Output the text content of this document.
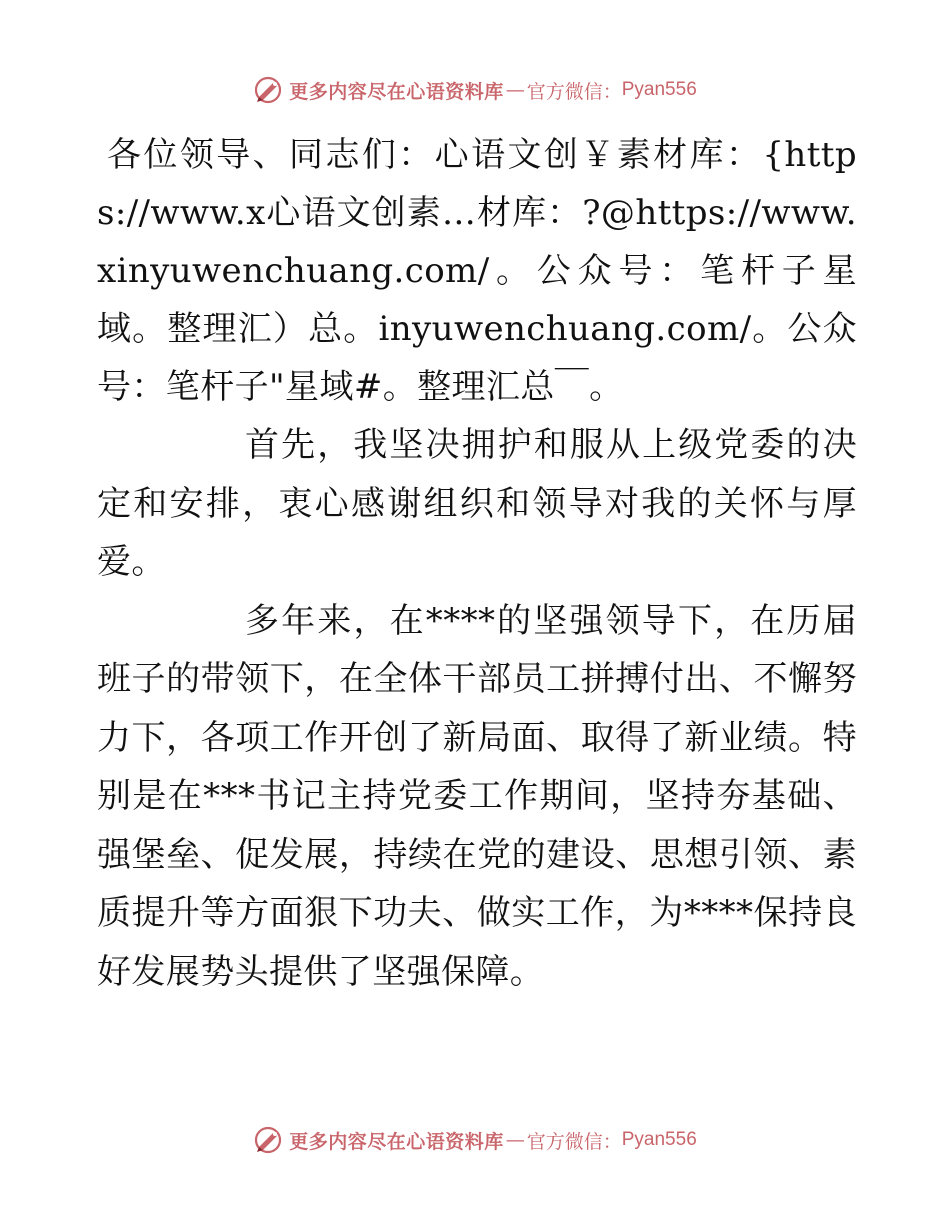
更多内容尽在心语资料库 — 官方微信： Pyan556

各位领导、同志们：心语文创￥素材库：{https://www.x心语文创素…材库：?@https://www.xinyuwenchuang.com/。公众号：笔杆子星域。整理汇）总。inyuwenchuang.com/。公众号：笔杆子"星域#。整理汇总￣。

首先，我坚决拥护和服从上级党委的决定和安排，衷心感谢组织和领导对我的关怀与厚爱。

多年来，在****的坚强领导下，在历届班子的带领下，在全体干部员工拼搏付出、不懈努力下，各项工作开创了新局面、取得了新业绩。特别是在***书记主持党委工作期间，坚持夯基础、强堡垒、促发展，持续在党的建设、思想引领、素质提升等方面狠下功夫、做实工作，为****保持良好发展势头提供了坚强保障。

更多内容尽在心语资料库 — 官方微信： Pyan556
